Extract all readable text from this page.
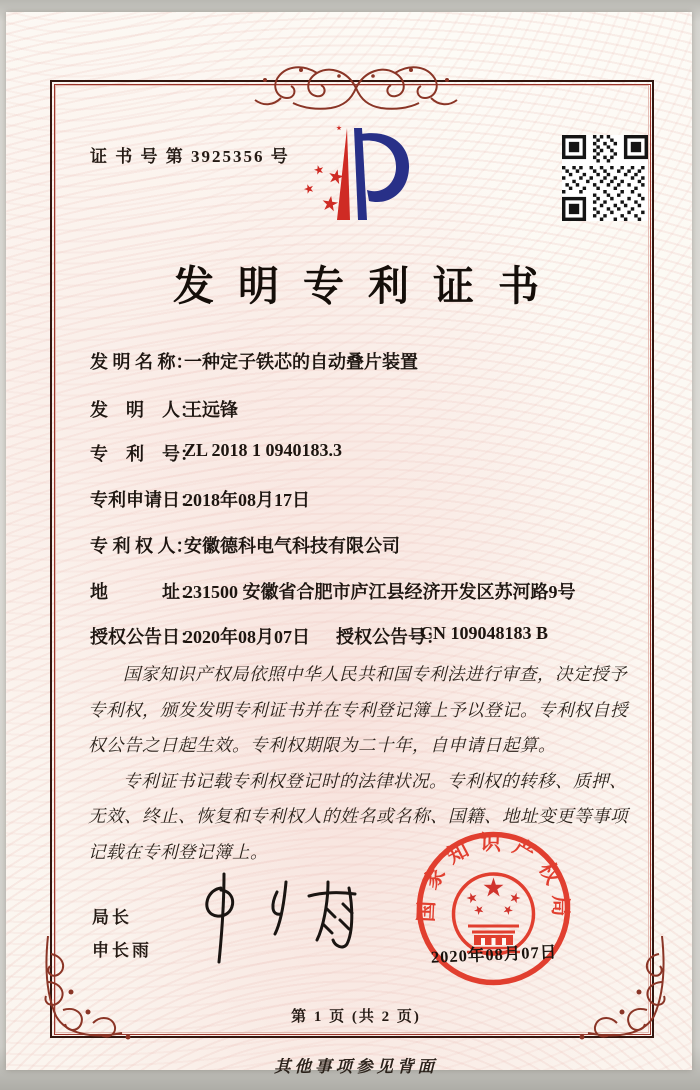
证 书 号 第 3925356 号
发明专利证书
发 明 名 称：
一种定子铁芯的自动叠片装置
发　明　人：
王远锋
专　利　号：
ZL 2018 1 0940183.3
专利申请日：
2018年08月17日
专 利 权 人：
安徽德科电气科技有限公司
地　　　址：
231500 安徽省合肥市庐江县经济开发区苏河路9号
授权公告日：
2020年08月07日 授权公告号：
CN 109048183 B

国家知识产权局依照中华人民共和国专利法进行审查，决定授予专利权，颁发发明专利证书并在专利登记簿上予以登记。专利权自授权公告之日起生效。专利权期限为二十年，自申请日起算。

专利证书记载专利权登记时的法律状况。专利权的转移、质押、无效、终止、恢复和专利权人的姓名或名称、国籍、地址变更等事项记载在专利登记簿上。

局长
申长雨
国家知识产权局
2020年08月07日
第 1 页 (共 2 页)
其他事项参见背面
